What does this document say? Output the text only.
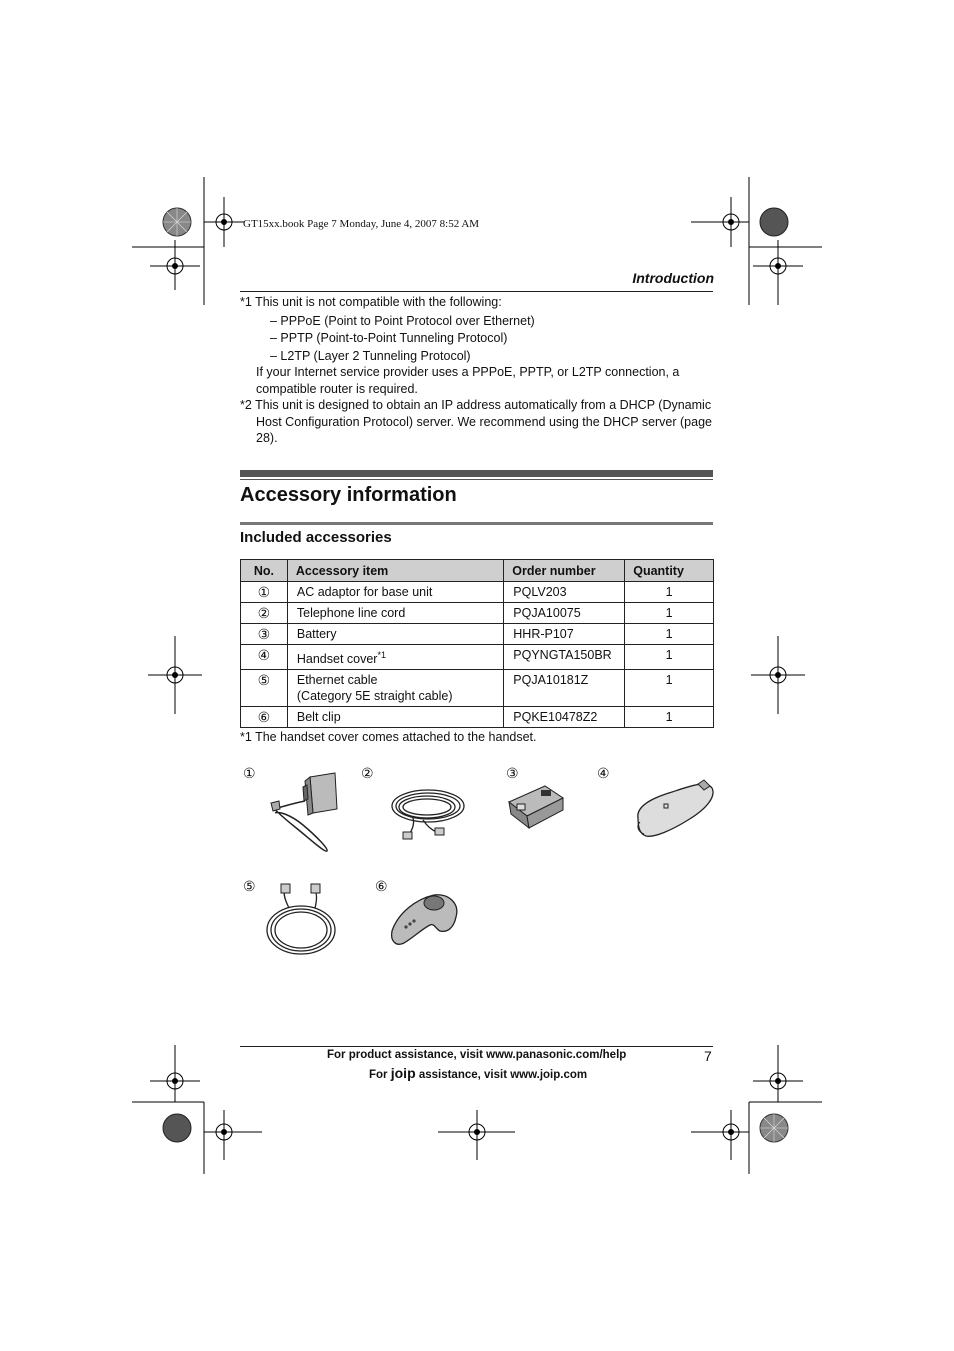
GT15xx.book Page 7 Monday, June 4, 2007 8:52 AM
Introduction

*1 This unit is not compatible with the following:

– PPPoE (Point to Point Protocol over Ethernet)

– PPTP (Point-to-Point Tunneling Protocol)

– L2TP (Layer 2 Tunneling Protocol)

If your Internet service provider uses a PPPoE, PPTP, or L2TP connection, a compatible router is required.

*2 This unit is designed to obtain an IP address automatically from a DHCP (Dynamic Host Configuration Protocol) server. We recommend using the DHCP server (page 28).

Accessory information
Included accessories
No.	Accessory item	Order number	Quantity
①	AC adaptor for base unit	PQLV203	1
②	Telephone line cord	PQJA10075	1
③	Battery	HHR-P107	1
④	Handset cover$^{*1}$	PQYNGTA150BR	1
⑤	Ethernet cable
(Category 5E straight cable)	PQJA10181Z	1
⑥	Belt clip	PQKE10478Z2	1
*1 The handset cover comes attached to the handset.
①	②	③	④
⑤	⑥
For product assistance, visit www.panasonic.com/help
For joip assistance, visit www.joip.com
7
